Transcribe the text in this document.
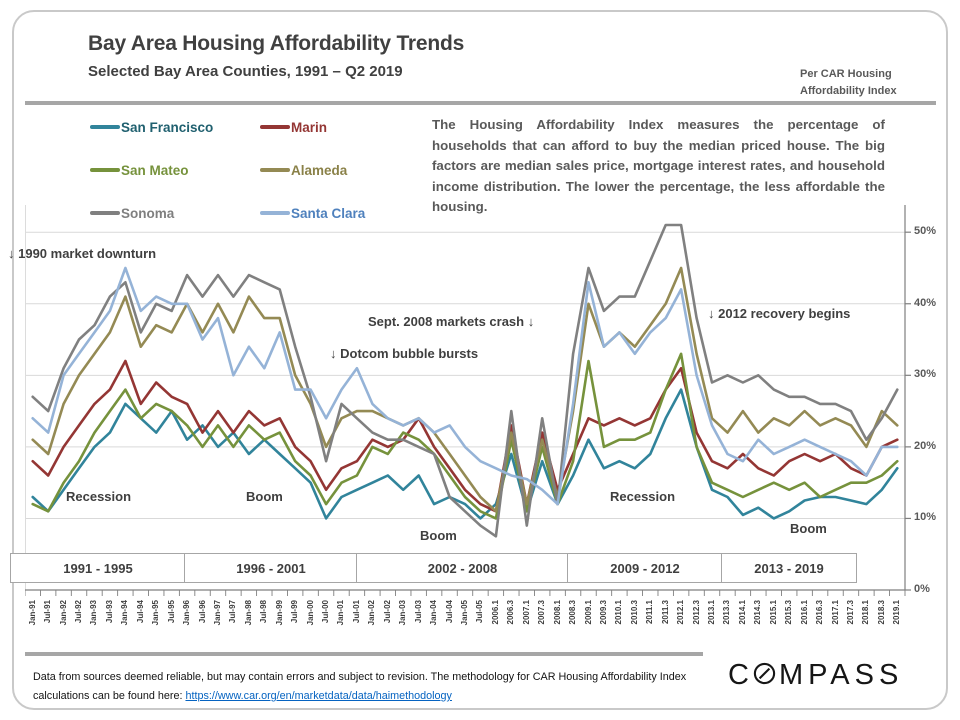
Bay Area Housing Affordability Trends
Selected Bay Area Counties, 1991 – Q2 2019	Per CAR Housing
Affordability Index
San Francisco	Marin
San Mateo	Alameda
Sonoma	Santa Clara
The Housing Affordability Index measures the percentage of households that can afford to buy the median priced house. The big factors are median sales price, mortgage interest rates, and household income distribution. The lower the percentage, the less affordable the housing.
↓ 1990 market downturn
Sept. 2008 markets crash ↓
↓ Dotcom bubble bursts
↓ 2012 recovery begins
Recession	Boom
Boom
Recession
Boom
0%
10%
20%
30%
40%
50%
Jan-91 Jul-91 Jan-92 Jul-92 Jan-93 Jul-93 Jan-94 Jul-94 Jan-95 Jul-95 Jan-96 Jul-96 Jan-97 Jul-97 Jan-98 Jul-98 Jan-99 Jul-99 Jan-00 Jul-00 Jan-01 Jul-01 Jan-02 Jul-02 Jan-03 Jul-03 Jan-04 Jul-04 Jan-05 Jul-05 2006.1 2006.3 2007.1 2007.3 2008.1 2008.3 2009.1 2009.3 2010.1 2010.3 2011.1 2011.3 2012.1 2012.3 2013.1 2013.3 2014.1 2014.3 2015.1 2015.3 2016.1 2016.3 2017.1 2017.3 2018.1 2018.3 2019.1
1991 - 1995	1996 - 2001	2002 - 2008	2009 - 2012	2013 - 2019
Data from sources deemed reliable, but may contain errors and subject to revision. The methodology for CAR Housing Affordability Index calculations can be found here: https://www.car.org/en/marketdata/data/haimethodology
C MPASS
